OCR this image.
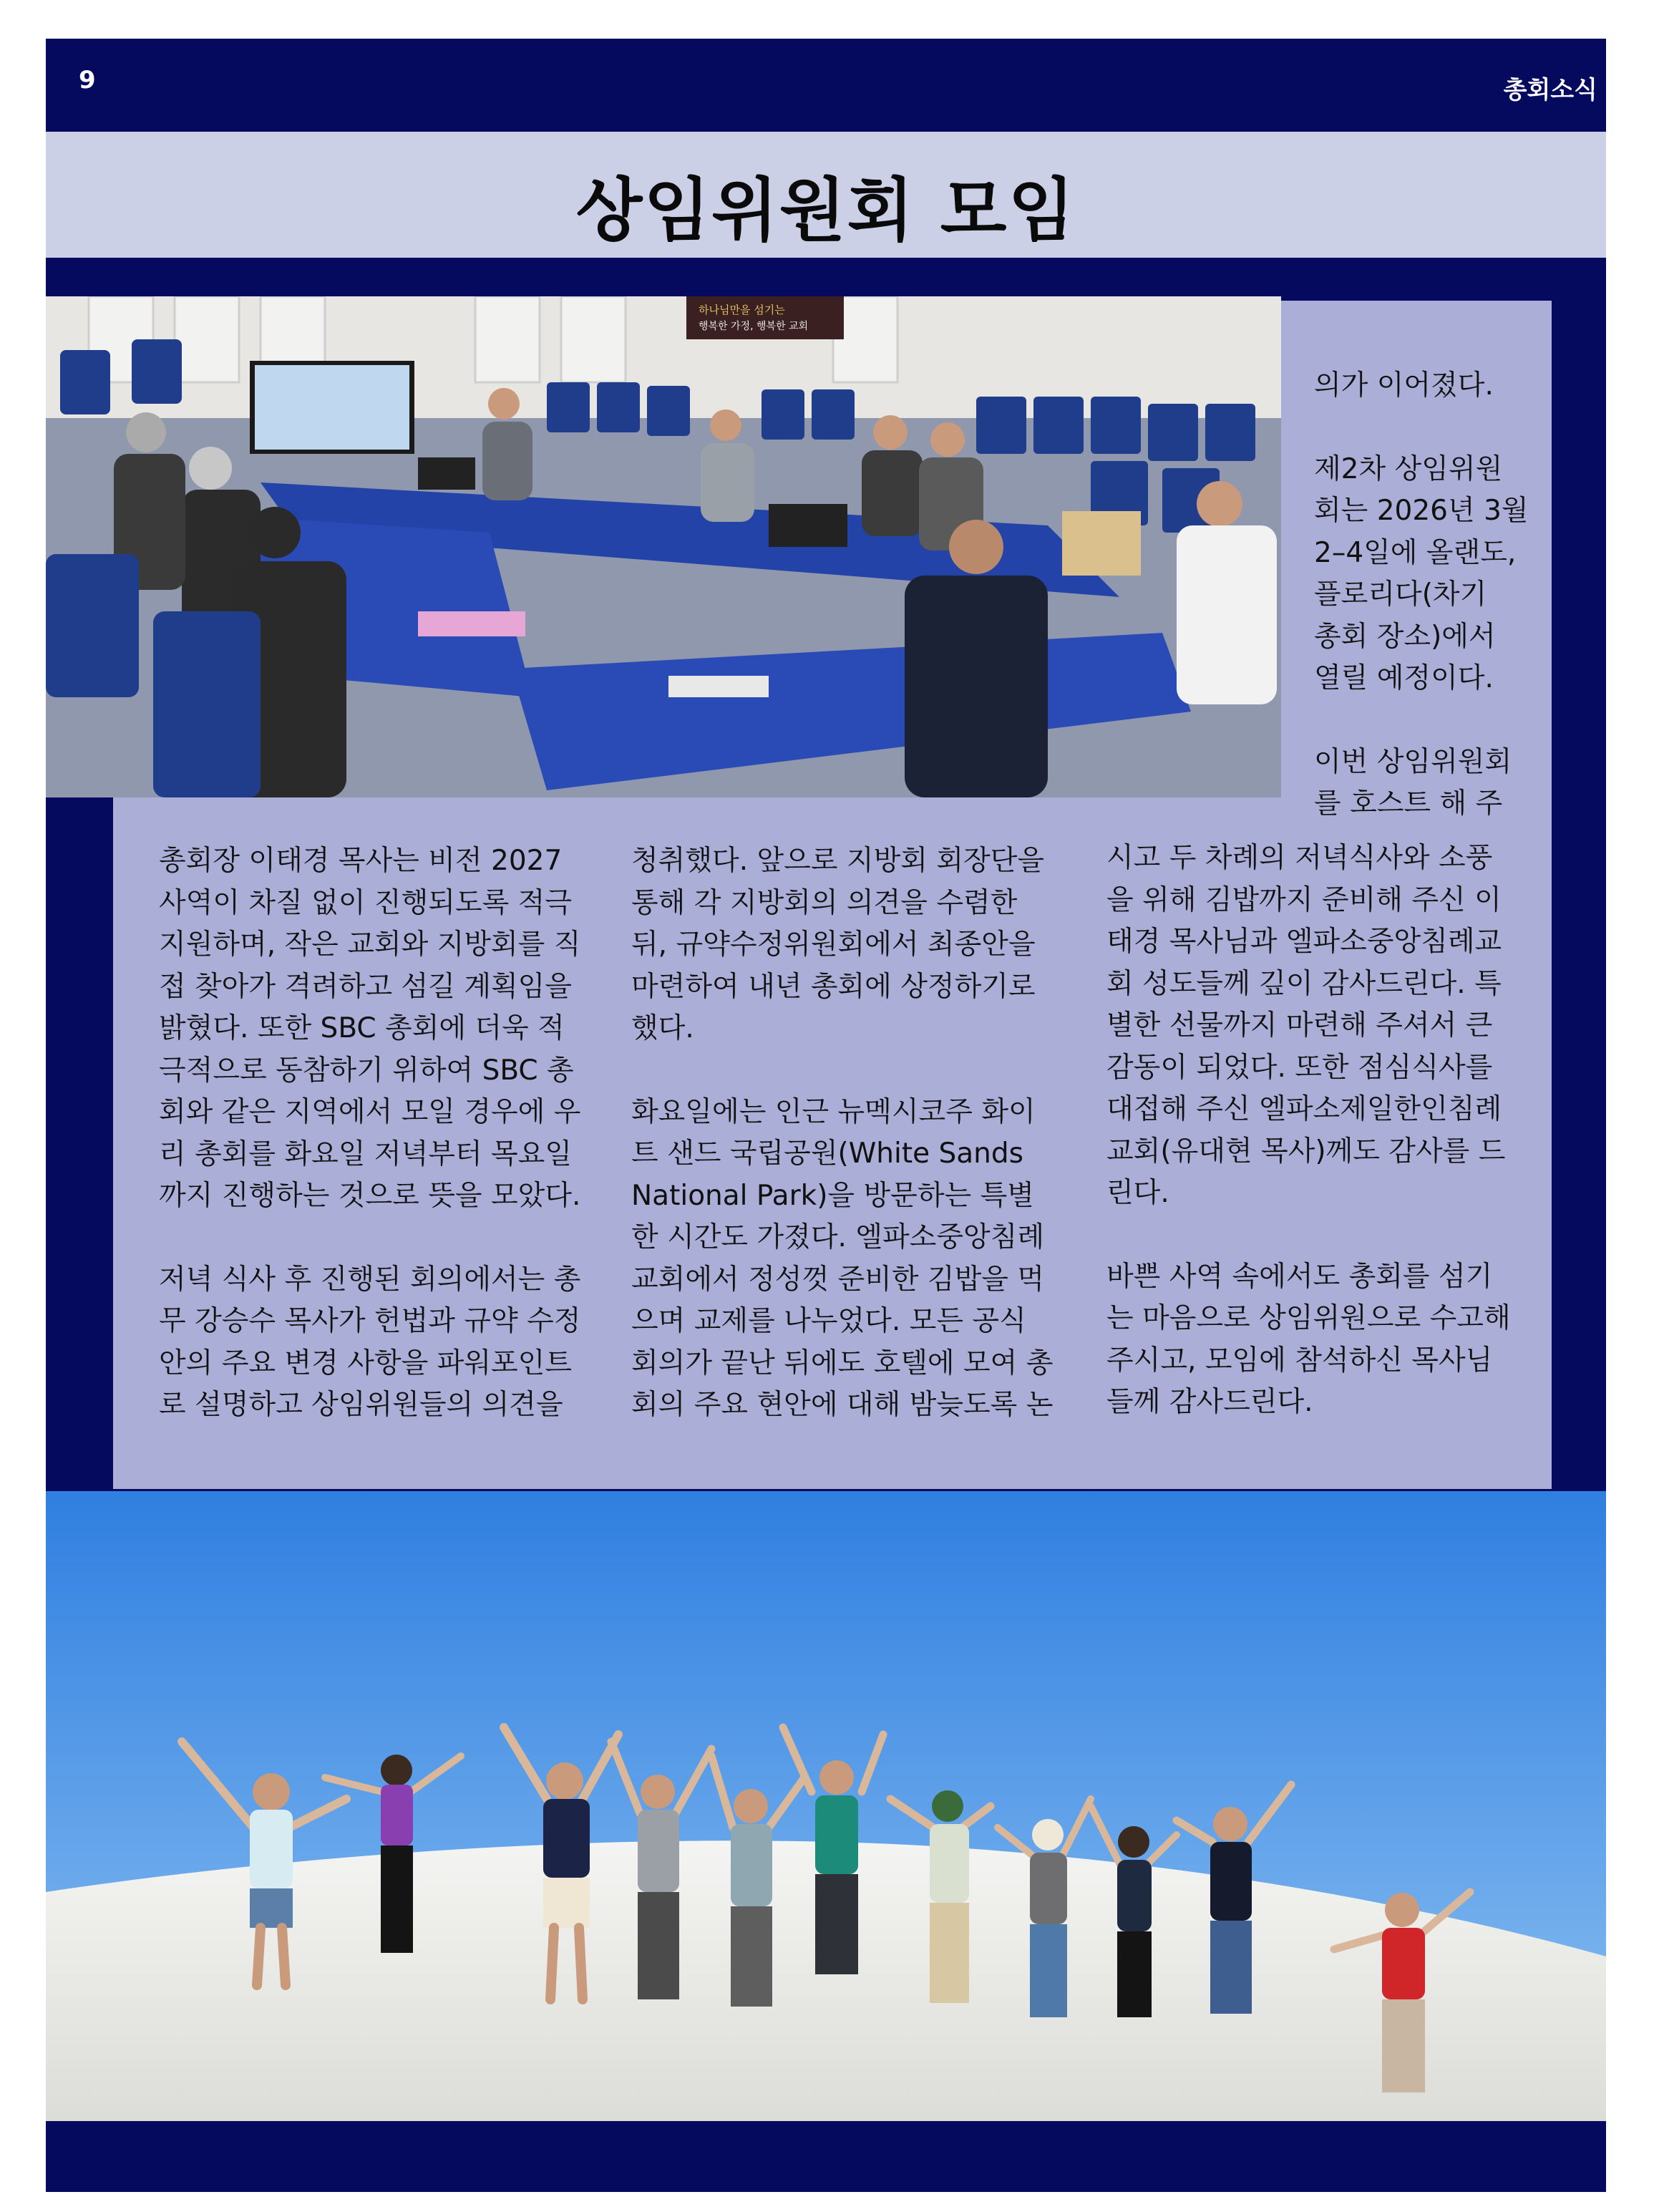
9	총회소식
상임위원회 모임
하나님만을 섬기는
행복한 가정, 행복한 교회

의가 이어졌다.

제2차 상임위원
회는 2026년 3월
2–4일에 올랜도,
플로리다(차기
총회 장소)에서
열릴 예정이다.

이번 상임위원회
를 호스트 해 주

총회장 이태경 목사는 비전 2027
사역이 차질 없이 진행되도록 적극
지원하며, 작은 교회와 지방회를 직
접 찾아가 격려하고 섬길 계획임을
밝혔다. 또한 SBC 총회에 더욱 적
극적으로 동참하기 위하여 SBC 총
회와 같은 지역에서 모일 경우에 우
리 총회를 화요일 저녁부터 목요일
까지 진행하는 것으로 뜻을 모았다.

저녁 식사 후 진행된 회의에서는 총
무 강승수 목사가 헌법과 규약 수정
안의 주요 변경 사항을 파워포인트
로 설명하고 상임위원들의 의견을

청취했다. 앞으로 지방회 회장단을
통해 각 지방회의 의견을 수렴한
뒤, 규약수정위원회에서 최종안을
마련하여 내년 총회에 상정하기로
했다.

화요일에는 인근 뉴멕시코주 화이
트 샌드 국립공원(White Sands
National Park)을 방문하는 특별
한 시간도 가졌다. 엘파소중앙침례
교회에서 정성껏 준비한 김밥을 먹
으며 교제를 나누었다. 모든 공식
회의가 끝난 뒤에도 호텔에 모여 총
회의 주요 현안에 대해 밤늦도록 논

시고 두 차례의 저녁식사와 소풍
을 위해 김밥까지 준비해 주신 이
태경 목사님과 엘파소중앙침례교
회 성도들께 깊이 감사드린다. 특
별한 선물까지 마련해 주셔서 큰
감동이 되었다. 또한 점심식사를
대접해 주신 엘파소제일한인침례
교회(유대현 목사)께도 감사를 드
린다.

바쁜 사역 속에서도 총회를 섬기
는 마음으로 상임위원으로 수고해
주시고, 모임에 참석하신 목사님
들께 감사드린다.
